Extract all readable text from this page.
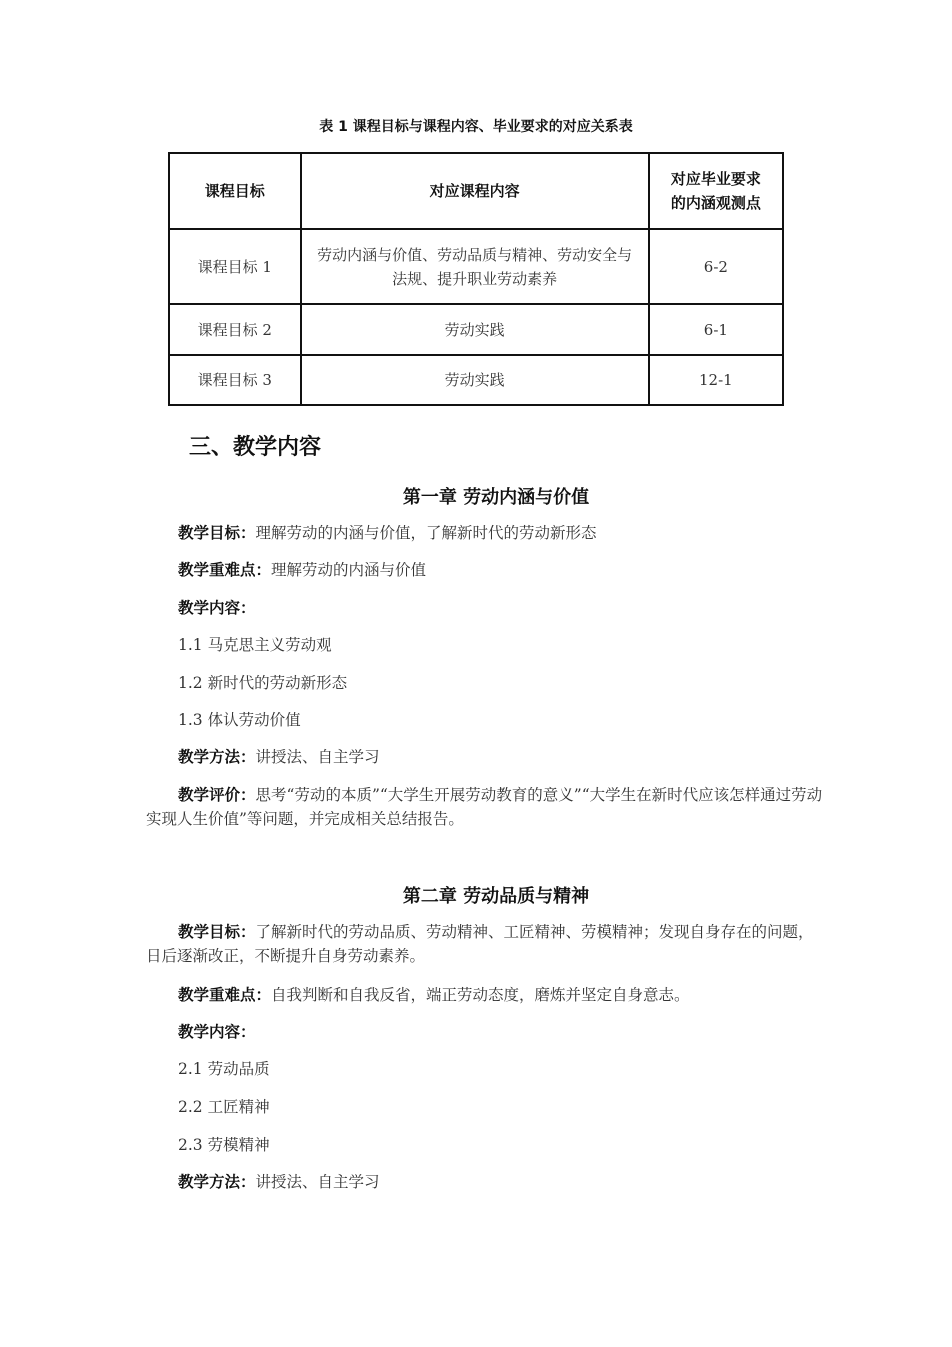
表 1 课程目标与课程内容、毕业要求的对应关系表
课程目标	对应课程内容	对应毕业要求
的内涵观测点

课程目标 1	劳动内涵与价值、劳动品质与精神、劳动安全与
法规、提升职业劳动素养	6-2
课程目标 2	劳动实践	6-1
课程目标 3	劳动实践	12-1
三、教学内容
第一章 劳动内涵与价值
教学目标：理解劳动的内涵与价值，了解新时代的劳动新形态
教学重难点：理解劳动的内涵与价值
教学内容：
1.1 马克思主义劳动观
1.2 新时代的劳动新形态
1.3 体认劳动价值
教学方法：讲授法、自主学习
教学评价：思考“劳动的本质”“大学生开展劳动教育的意义”“大学生在新时代应该怎样通过劳动实现人生价值”等问题，并完成相关总结报告。
第二章 劳动品质与精神
教学目标：了解新时代的劳动品质、劳动精神、工匠精神、劳模精神；发现自身存在的问题，日后逐渐改正，不断提升自身劳动素养。
教学重难点：自我判断和自我反省，端正劳动态度，磨炼并坚定自身意志。
教学内容：
2.1 劳动品质
2.2 工匠精神
2.3 劳模精神
教学方法：讲授法、自主学习
